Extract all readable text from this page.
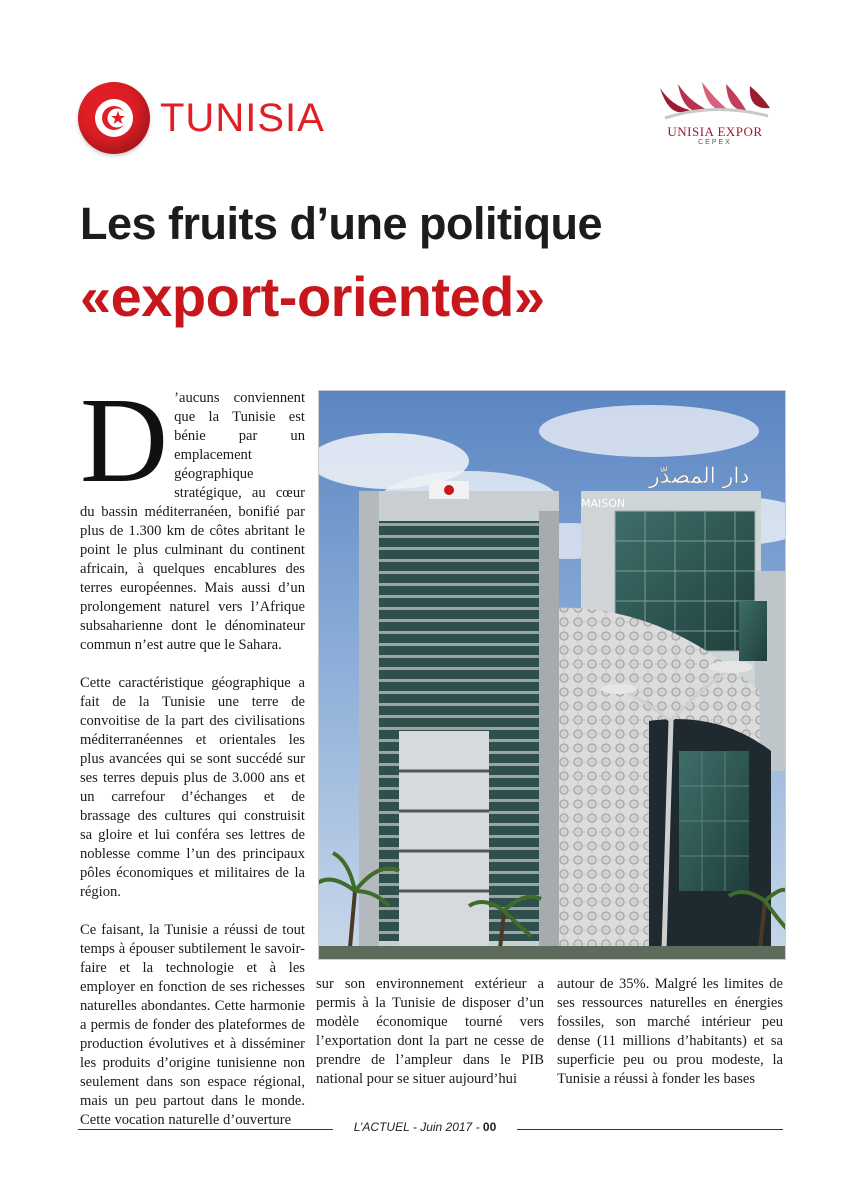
TUNISIA	UNISIA EXPOR
CEPEX
Les fruits d’une politique
«export-oriented»

D ’aucuns conviennent que la Tunisie est bénie par un emplacement géographique stratégique, au cœur du bassin méditerranéen, bonifié par plus de 1.300 km de côtes abritant le point le plus culminant du continent africain, à quelques encablures des terres européennes. Mais aussi d’un prolongement naturel vers l’Afrique subsaharienne dont le dénominateur commun n’est autre que le Sahara.

Cette caractéristique géographique a fait de la Tunisie une terre de convoitise de la part des civilisations méditerranéennes et orientales les plus avancées qui se sont succédé sur ses terres depuis plus de 3.000 ans et un carrefour d’échanges et de brassage des cultures qui construisit sa gloire et lui conféra ses lettres de noblesse comme l’un des principaux pôles économiques et militaires de la région.

Ce faisant, la Tunisie a réussi de tout temps à épouser subtilement le savoir-faire et la technologie et à les employer en fonction de ses richesses naturelles abondantes. Cette harmonie a permis de fonder des plateformes de production évolutives et à disséminer les produits d’origine tunisienne non seulement dans son espace régional, mais un peu partout dans le monde. Cette vocation naturelle d’ouverture

دار المصدّر
MAISON
sur son environnement extérieur a permis à la Tunisie de disposer d’un modèle économique tourné vers l’exportation dont la part ne cesse de prendre de l’ampleur dans le PIB national pour se situer aujourd’hui
autour de 35%. Malgré les limites de ses ressources naturelles en énergies fossiles, son marché intérieur peu dense (11 millions d’habitants) et sa superficie peu ou prou modeste, la Tunisie a réussi à fonder les bases
L’ACTUEL - Juin 2017 - 00
